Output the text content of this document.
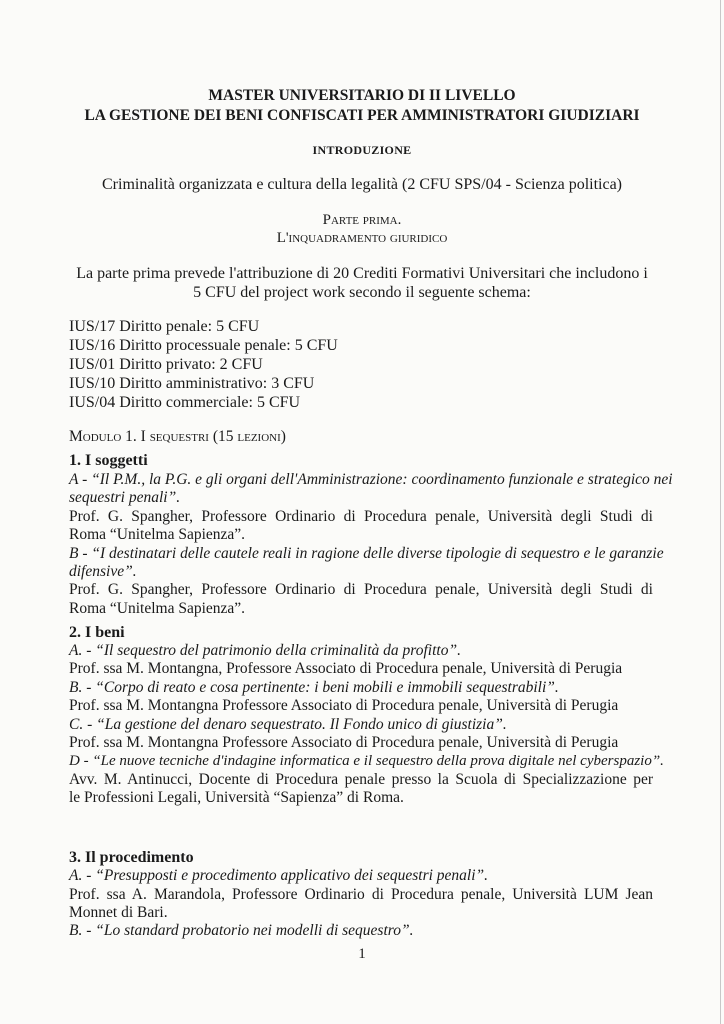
MASTER UNIVERSITARIO DI II LIVELLO
LA GESTIONE DEI BENI CONFISCATI PER AMMINISTRATORI GIUDIZIARI
INTRODUZIONE
Criminalità organizzata e cultura della legalità (2 CFU SPS/04 - Scienza politica)
Parte prima.
L'inquadramento giuridico
La parte prima prevede l'attribuzione di 20 Crediti Formativi Universitari che includono i
5 CFU del project work secondo il seguente schema:
IUS/17 Diritto penale: 5 CFU
IUS/16 Diritto processuale penale: 5 CFU
IUS/01 Diritto privato: 2 CFU
IUS/10 Diritto amministrativo: 3 CFU
IUS/04 Diritto commerciale: 5 CFU
Modulo 1. I sequestri (15 lezioni)
1. I soggetti
A - “Il P.M., la P.G. e gli organi dell'Amministrazione: coordinamento funzionale e strategico nei
sequestri penali”.
Prof. G. Spangher, Professore Ordinario di Procedura penale, Università degli Studi di
Roma “Unitelma Sapienza”.
B - “I destinatari delle cautele reali in ragione delle diverse tipologie di sequestro e le garanzie
difensive”.
Prof. G. Spangher, Professore Ordinario di Procedura penale, Università degli Studi di
Roma “Unitelma Sapienza”.
2. I beni
A. - “Il sequestro del patrimonio della criminalità da profitto”.
Prof. ssa M. Montangna, Professore Associato di Procedura penale, Università di Perugia
B. - “Corpo di reato e cosa pertinente: i beni mobili e immobili sequestrabili”.
Prof. ssa M. Montangna Professore Associato di Procedura penale, Università di Perugia
C. - “La gestione del denaro sequestrato. Il Fondo unico di giustizia”.
Prof. ssa M. Montangna Professore Associato di Procedura penale, Università di Perugia
D - “Le nuove tecniche d'indagine informatica e il sequestro della prova digitale nel cyberspazio”.
Avv. M. Antinucci, Docente di Procedura penale presso la Scuola di Specializzazione per
le Professioni Legali, Università “Sapienza” di Roma.
3. Il procedimento
A. - “Presupposti e procedimento applicativo dei sequestri penali”.
Prof. ssa A. Marandola, Professore Ordinario di Procedura penale, Università LUM Jean
Monnet di Bari.
B. - “Lo standard probatorio nei modelli di sequestro”.
1
